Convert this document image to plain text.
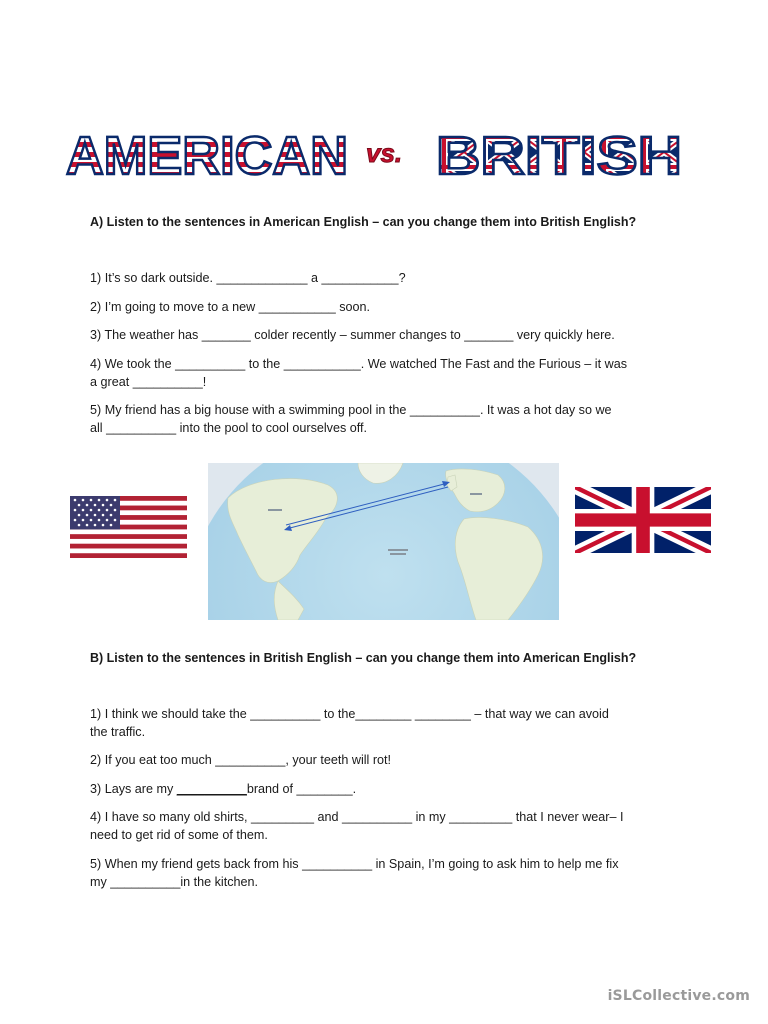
AMERICAN vs. BRITISH
A) Listen to the sentences in American English – can you change them into British English?
1) It’s so dark outside. _____________ a ___________?
2) I’m going to move to a new ___________ soon.
3) The weather has _______ colder recently – summer changes to _______ very quickly here.
4) We took the __________ to the ___________. We watched The Fast and the Furious – it was
a great __________!
5) My friend has a big house with a swimming pool in the __________. It was a hot day so we
all __________ into the pool to cool ourselves off.
B) Listen to the sentences in British English – can you change them into American English?
1) I think we should take the __________ to the________ ________ – that way we can avoid
the traffic.
2) If you eat too much __________, your teeth will rot!
3) Lays are my __________brand of ________.
4) I have so many old shirts, _________ and __________ in my _________ that I never wear– I
need to get rid of some of them.
5) When my friend gets back from his __________ in Spain, I’m going to ask him to help me fix
my __________in the kitchen.
iSLCollective.com
